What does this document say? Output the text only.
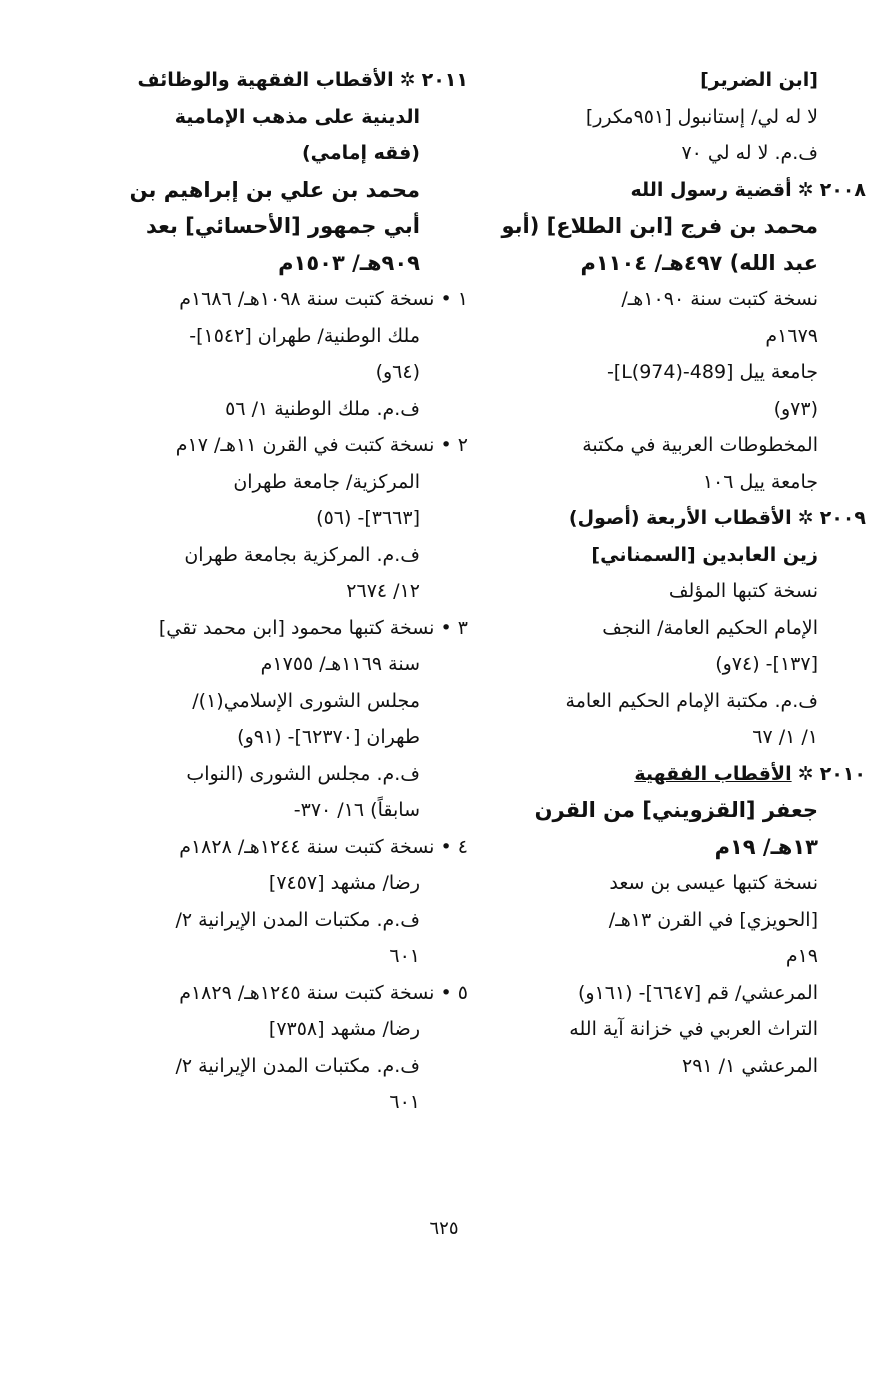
[ابن الضرير]
لا له لي/ إستانبول [٩٥١مكرر]
ف.م. لا له لي ٧٠
٢٠٠٨ ✲ أقضية رسول الله
محمد بن فرج [ابن الطلاع] (أبو
عبد الله) ٤٩٧هـ/ ١١٠٤م
نسخة كتبت سنة ١٠٩٠هـ/
١٦٧٩م
جامعة ييل [489-L(974)]-
(٧٣و)
المخطوطات العربية في مكتبة
جامعة ييل ١٠٦
٢٠٠٩ ✲ الأقطاب الأربعة (أصول)
زين العابدين [السمناني]
نسخة كتبها المؤلف
الإمام الحكيم العامة/ النجف
[١٣٧]- (٧٤و)
ف.م. مكتبة الإمام الحكيم العامة
١/ ١/ ٦٧
٢٠١٠ ✲ الأقطاب الفقهية
جعفر [القزويني] من القرن
١٣هـ/ ١٩م
نسخة كتبها عيسى بن سعد
[الحويزي] في القرن ١٣هـ/
١٩م
المرعشي/ قم [٦٦٤٧]- (١٦١و)
التراث العربي في خزانة آية الله
المرعشي ١/ ٢٩١
٢٠١١ ✲ الأقطاب الفقهية والوظائف
الدينية على مذهب الإمامية
(فقه إمامي)
محمد بن علي بن إبراهيم بن
أبي جمهور [الأحسائي] بعد
٩٠٩هـ/ ١٥٠٣م
١ • نسخة كتبت سنة ١٠٩٨هـ/ ١٦٨٦م
ملك الوطنية/ طهران [١٥٤٢]-
(٦٤و)
ف.م. ملك الوطنية ١/ ٥٦
٢ • نسخة كتبت في القرن ١١هـ/ ١٧م
المركزية/ جامعة طهران
[٣٦٦٣]- (٥٦)
ف.م. المركزية بجامعة طهران
١٢/ ٢٦٧٤
٣ • نسخة كتبها محمود [ابن محمد تقي]
سنة ١١٦٩هـ/ ١٧٥٥م
مجلس الشورى الإسلامي(١)/
طهران [٦٢٣٧٠]- (٩١و)
ف.م. مجلس الشورى (النواب
سابقاً) ١٦/ ٣٧٠-
٤ • نسخة كتبت سنة ١٢٤٤هـ/ ١٨٢٨م
رضا/ مشهد [٧٤٥٧]
ف.م. مكتبات المدن الإيرانية ٢/
٦٠١
٥ • نسخة كتبت سنة ١٢٤٥هـ/ ١٨٢٩م
رضا/ مشهد [٧٣٥٨]
ف.م. مكتبات المدن الإيرانية ٢/
٦٠١
٦٢٥
